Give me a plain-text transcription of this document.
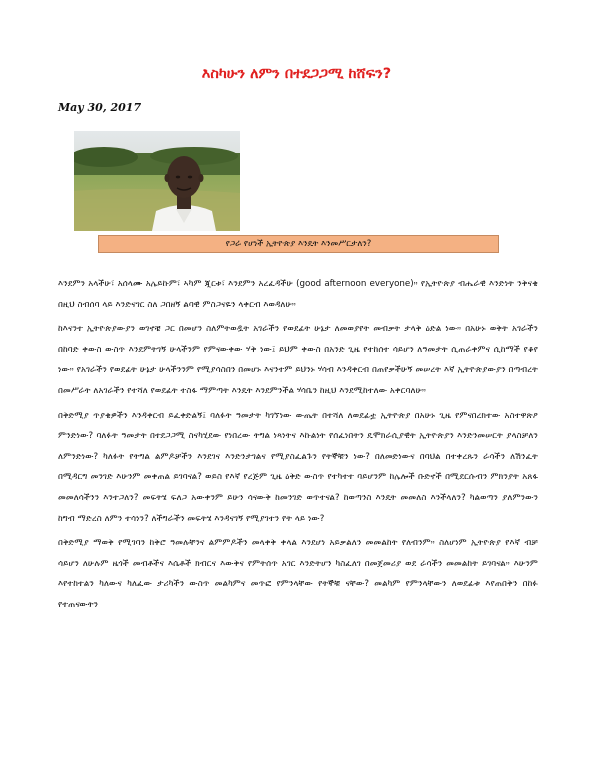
እስካሁን ለምን በተደጋጋሚ ከሸፍን?
May 30, 2017
የጋራ የሆነች ኢትዮጵያ እንዴት እንመሥርታለን?

እንደምን አላችሁ፣ አሰላሙ አሌይኩም፣ ኣካም ጂርቱ፣ እንደምን አረፈዳችሁ (good afternoon everyone)። የኢትዮጵያ ብሔራዊ እንድነት ንቅናቄ በዚህ ስብሰባ ላይ እንድናገር ስለ ጋበዘኝ ልባዊ ምስጋናዬን ላቀርብ እወዳለሁ።

ከእናንተ ኢትዮጵያውያን ወገኖቼ ጋር በመሆን ስለምትወዷት አገራችን የወደፊት ሁኔታ ለመወያየት መብቃት ታላቅ ዕድል ነው። በአሁኑ ወቅት አገራችን በከባድ ቀውስ ውስጥ እንደምትገኝ ሁላችንም የምናውቀው ሃቅ ነው፤ ይህም ቀውስ በአንድ ጊዜ የተከሰተ ሳይሆን ለዓመታት ሲጠራቀምና ሲከማች የቆየ ነው። የአገራችን የወደፊት ሁኔታ ሁላችንንም የሚያሳስበን በመሆኑ እናንተም ይህንኑ ሃሳብ እንዳቀርብ በጠየቃችሁኝ መሠረት እኛ ኢትዮጵያውያን በጣብረት በመሥራት ለአገራችን የተሻለ የወደፊት ተስፋ ማምጣት እንዴት እንደምንችል ሃሳቤን ከዚህ እንደሚከተለው አቀርባለሁ።

በቅድሚያ ጥያቄዎችን እንዳቀርብ ይፈቀድልኝ፤ ባለፉት ዓመታት ካገኘነው ውጤት በተሻለ ለወደፊቷ ኢትዮጵያ በአሁኑ ጊዜ የምናበረክተው አስተዋጽዖ ምንድነው? ባለፉት ዓመታት በተደጋጋሚ ስናካሂደው የነበረው ትግል ነጻነትና እኩልነት የሰፈነበትን ዴሞክራሲያዊት ኢትዮጵያን እንድንመሠርት ያላስቻለን ለምንድነው? ካለፉት የትግል ልምዶቻችን እንደገና እንድንታገልና የሚያስፈልጉን የትኞቹን ነው? በለመድነውና በባህል በተቀረጹን ራሳችን ለሽንፈት በሚዳርግ መንገድ እሁንም መቀጠል ይገባናል? ወይስ የእኛ የረጅም ጊዜ ዕቅድ ውስጥ የተካተተ ባይሆንም ከሌሎች ቡድኖች በሚደርሱብን ምክንያት አጸፋ መመለሳችንን እንተጋለን? መፍትሄ ፍለጋ አውቀንም ይሁን ሳናውቅ ከመንገድ ወጥተናል? ከወጣንስ እንዴት መመለስ እንችላለን? ካልወጣን ያለምንውን ከግብ ማድረስ ለምን ተሳነን? ለችግራችን መፍትሄ እንዳናገኝ የሚያገተን የት ላይ ነው?

በቅድሚያ ማወቅ የሚገባን ከቅሮ ዓመሉቸንና ልምምዶችን መላቀቅ ቀላል እንደሆነ አይቃልለን መመልከት የለብንም። ስለሆነም ኢትዮጵያ የእኛ ብቻ ሳይሆን ለሁሉም ዜጎች መብቶችና እሴቶች ክብርና እውቅና የምትሰጥ አገር እንድትሆን ካስፈለገ በመጀመሪያ ወደ ራሳችን መመልከት ይገባናል። እሁንም እየተከተልን ካለውና ካለፈው ታሪካችን ውስጥ መልካምና መጥፎ የምንላቸው የትኞቹ ናቸው? መልካም የምንላቸውን ለወደፊቱ እየጠበቅን በከፉ የተጠናውትን
